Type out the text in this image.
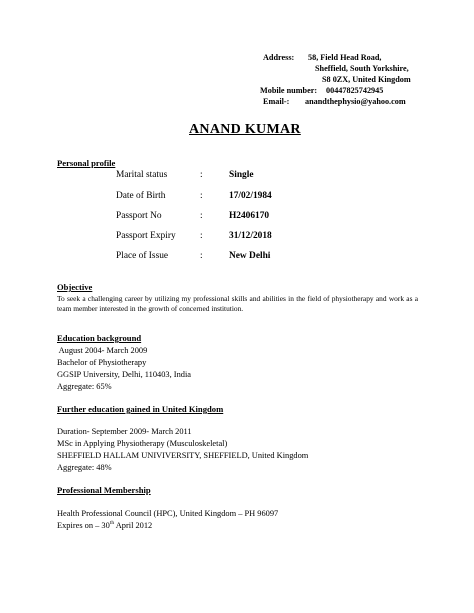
Address: 58, Field Head Road,
Sheffield, South Yorkshire,
S8 0ZX, United Kingdom
Mobile number: 00447825742945
Email-: anandthephysio@yahoo.com
ANAND KUMAR
Personal profile
Marital status	:	Single
Date of Birth	:	17/02/1984
Passport No	:	H2406170
Passport Expiry	:	31/12/2018
Place of Issue	:	New Delhi
Objective
To seek a challenging career by utilizing my professional skills and abilities in the field of physiotherapy and work as a team member interested in the growth of concerned institution.
Education background
August 2004- March 2009
Bachelor of Physiotherapy
GGSIP University, Delhi, 110403, India
Aggregate: 65%
Further education gained in United Kingdom
Duration- September 2009- March 2011
MSc in Applying Physiotherapy (Musculoskeletal)
SHEFFIELD HALLAM UNIVIVERSITY, SHEFFIELD, United Kingdom
Aggregate: 48%
Professional Membership
Health Professional Council (HPC), United Kingdom – PH 96097
Expires on – 30th April 2012
